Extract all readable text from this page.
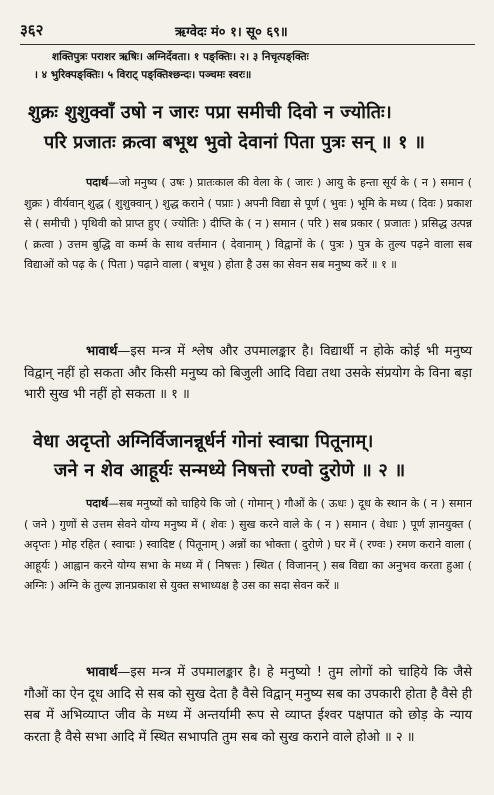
३६२	ऋग्वेदः मं० १। सू० ६९॥
शक्तिपुत्रः पराशर ऋषिः। अग्निर्देवता। १ पङ्क्तिः। २। ३ निचृत्पङ्क्तिः
। ४ भुरिक्पङ्क्तिः। ५ विराट् पङ्क्तिश्छन्दः। पञ्चमः स्वरः॥
शुक्रः शुशुक्वाँ उषो न जारः पप्रा समीची दिवो न ज्योतिः।
परि प्रजातः क्रत्वा बभूथ भुवो देवानां पिता पुत्रः सन् ॥ १ ॥
पदार्थ—जो मनुष्य ( उषः ) प्रातःकाल की वेला के ( जारः ) आयु के हन्ता सूर्य के ( न ) समान ( शुक्रः ) वीर्यवान् शुद्ध ( शुशुक्वान् ) शुद्ध कराने ( पप्राः ) अपनी विद्या से पूर्ण ( भुवः ) भूमि के मध्य ( दिवः ) प्रकाश से ( समीची ) पृथिवी को प्राप्त हुए ( ज्योतिः ) दीप्ति के ( न ) समान ( परि ) सब प्रकार ( प्रजातः ) प्रसिद्ध उत्पन्न ( क्रत्वा ) उत्तम बुद्धि वा कर्म्म के साथ वर्त्तमान ( देवानाम् ) विद्वानों के ( पुत्रः ) पुत्र के तुल्य पढ़ने वाला सब विद्याओं को पढ़ के ( पिता ) पढ़ाने वाला ( बभूथ ) होता है उस का सेवन सब मनुष्य करें ॥ १ ॥
भावार्थ—इस मन्त्र में श्लेष और उपमालङ्कार है। विद्यार्थी न होके कोई भी मनुष्य विद्वान् नहीं हो सकता और किसी मनुष्य को बिजुली आदि विद्या तथा उसके संप्रयोग के विना बड़ा भारी सुख भी नहीं हो सकता ॥ १ ॥
वेधा अदृप्तो अग्निर्विजानन्नूर्धर्न गोनां स्वाद्मा पितूनाम्।
जने न शेव आहूर्यः सन्मध्ये निषत्तो रण्वो दुरोणे ॥ २ ॥
पदार्थ—सब मनुष्यों को चाहिये कि जो ( गोमान् ) गौओं के ( ऊधः ) दूध के स्थान के ( न ) समान ( जने ) गुणों से उत्तम सेवने योग्य मनुष्य में ( शेवः ) सुख करने वाले के ( न ) समान ( वेधाः ) पूर्ण ज्ञानयुक्त ( अदृप्तः ) मोह रहित ( स्वाद्मः ) स्वादिष्ट ( पितूनाम् ) अन्नों का भोक्ता ( दुरोणे ) घर में ( रण्वः ) रमण कराने वाला ( आहूर्यः ) आह्वान करने योग्य सभा के मध्य में ( निषत्तः ) स्थित ( विजानन् ) सब विद्या का अनुभव करता हुआ ( अग्निः ) अग्नि के तुल्य ज्ञानप्रकाश से युक्त सभाध्यक्ष है उस का सदा सेवन करें ॥
भावार्थ—इस मन्त्र में उपमालङ्कार है। हे मनुष्यो ! तुम लोगों को चाहिये कि जैसे गौओं का ऐन दूध आदि से सब को सुख देता है वैसे विद्वान् मनुष्य सब का उपकारी होता है वैसे ही सब में अभिव्याप्त जीव के मध्य में अन्तर्यामी रूप से व्याप्त ईश्वर पक्षपात को छोड़ के न्याय करता है वैसे सभा आदि में स्थित सभापति तुम सब को सुख कराने वाले होओ ॥ २ ॥
